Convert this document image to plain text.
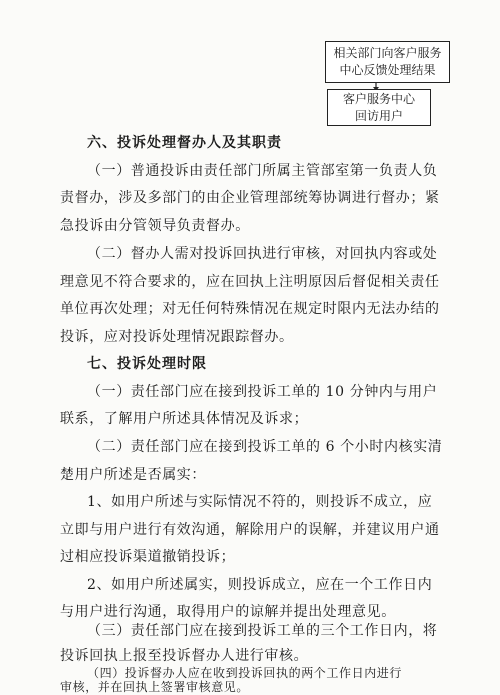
相关部门向客户服务
中心反馈处理结果
客户服务中心
回访用户
六、投诉处理督办人及其职责
（一）普通投诉由责任部门所属主管部室第一负责人负
责督办，涉及多部门的由企业管理部统筹协调进行督办；紧
急投诉由分管领导负责督办。
（二）督办人需对投诉回执进行审核，对回执内容或处
理意见不符合要求的，应在回执上注明原因后督促相关责任
单位再次处理；对无任何特殊情况在规定时限内无法办结的
投诉，应对投诉处理情况跟踪督办。
七、投诉处理时限
（一）责任部门应在接到投诉工单的 10 分钟内与用户
联系，了解用户所述具体情况及诉求；
（二）责任部门应在接到投诉工单的 6 个小时内核实清
楚用户所述是否属实：
1、如用户所述与实际情况不符的，则投诉不成立，应
立即与用户进行有效沟通，解除用户的误解，并建议用户通
过相应投诉渠道撤销投诉；
2、如用户所述属实，则投诉成立，应在一个工作日内
与用户进行沟通，取得用户的谅解并提出处理意见。
（三）责任部门应在接到投诉工单的三个工作日内，将
投诉回执上报至投诉督办人进行审核。
（四）投诉督办人应在收到投诉回执的两个工作日内进行
审核，并在回执上签署审核意见。
